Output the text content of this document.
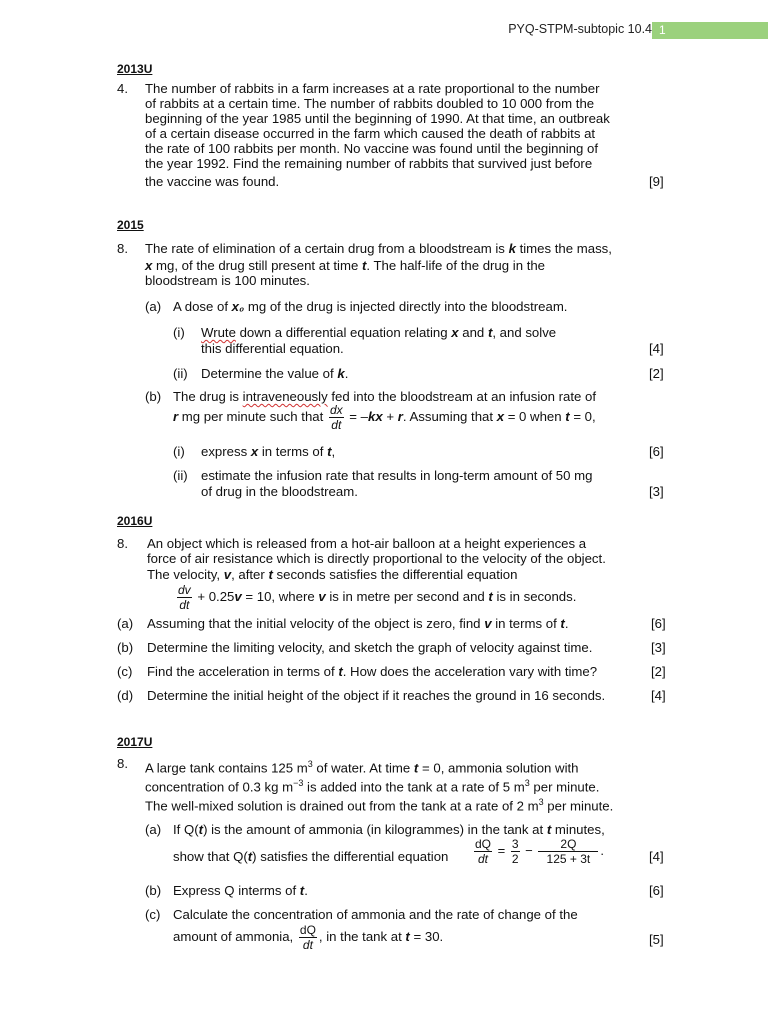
PYQ-STPM-subtopic 10.4 1
2013U
4. The number of rabbits in a farm increases at a rate proportional to the number
of rabbits at a certain time. The number of rabbits doubled to 10 000 from the
beginning of the year 1985 until the beginning of 1990. At that time, an outbreak
of a certain disease occurred in the farm which caused the death of rabbits at
the rate of 100 rabbits per month. No vaccine was found until the beginning of
the year 1992. Find the remaining number of rabbits that survived just before
the vaccine was found.	[9]
2015
8. The rate of elimination of a certain drug from a bloodstream is k times the mass,
x mg, of the drug still present at time t. The half-life of the drug in the
bloodstream is 100 minutes.
(a) A dose of x₀ mg of the drug is injected directly into the bloodstream.
(i) Wrute down a differential equation relating x and t, and solve
this differential equation.	[4]
(ii) Determine the value of k.	[2]
(b) The drug is intraveneously fed into the bloodstream at an infusion rate of
r mg per minute such that $\frac{dx}{dt} = -kx + r$. Assuming that x = 0 when t = 0,
(i) express x in terms of t,	[6]
(ii) estimate the infusion rate that results in long-term amount of 50 mg
of drug in the bloodstream.	[3]
2016U
8. An object which is released from a hot-air balloon at a height experiences a
force of air resistance which is directly proportional to the velocity of the object.
The velocity, v, after t seconds satisfies the differential equation
$\frac{dv}{dt} + 0.25v = 10$, where v is in metre per second and t is in seconds.
(a) Assuming that the initial velocity of the object is zero, find v in terms of t.	[6]
(b) Determine the limiting velocity, and sketch the graph of velocity against time.	[3]
(c) Find the acceleration in terms of t. How does the acceleration vary with time?	[2]
(d) Determine the initial height of the object if it reaches the ground in 16 seconds.	[4]
2017U
8. A large tank contains 125 $m^3$ of water. At time t = 0, ammonia solution with
concentration of 0.3 kg $m^{-3}$ is added into the tank at a rate of 5 $m^3$ per minute.
The well-mixed solution is drained out from the tank at a rate of 2 $m^3$ per minute.
(a) If Q(t) is the amount of ammonia (in kilogrammes) in the tank at t minutes,
show that Q(t) satisfies the differential equation $\frac{dQ}{dt} = \frac{3}{2} - \frac{2Q}{125 + 3t}$ .	[4]
(b) Express Q interms of t.	[6]
(c) Calculate the concentration of ammonia and the rate of change of the
amount of ammonia, $\frac{dQ}{dt}$ , in the tank at t = 30.	[5]
